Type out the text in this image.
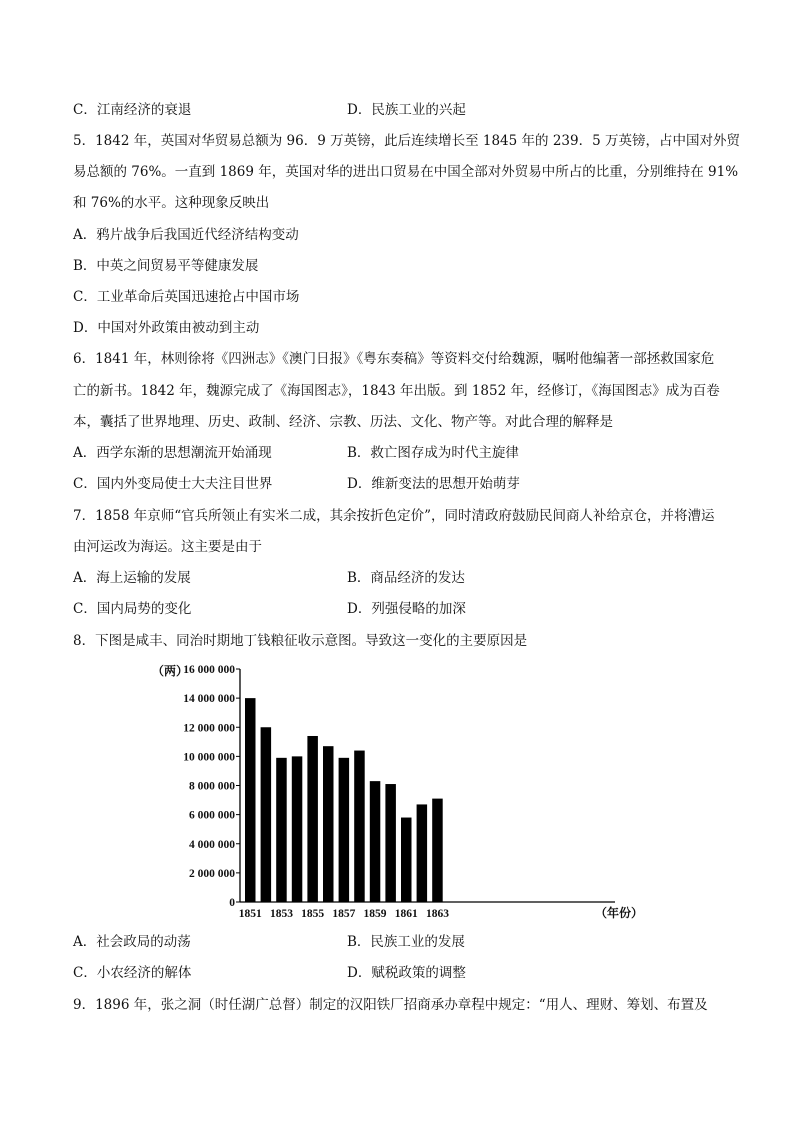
C．江南经济的衰退	D．民族工业的兴起
5．1842 年，英国对华贸易总额为 96．9 万英镑，此后连续增长至 1845 年的 239．5 万英镑，占中国对外贸
易总额的 76%。一直到 1869 年，英国对华的进出口贸易在中国全部对外贸易中所占的比重，分别维持在 91%
和 76%的水平。这种现象反映出
A．鸦片战争后我国近代经济结构变动
B．中英之间贸易平等健康发展
C．工业革命后英国迅速抢占中国市场
D．中国对外政策由被动到主动
6．1841 年，林则徐将《四洲志》《澳门日报》《粤东奏稿》等资料交付给魏源，嘱咐他编著一部拯救国家危
亡的新书。1842 年，魏源完成了《海国图志》，1843 年出版。到 1852 年，经修订，《海国图志》成为百卷
本，囊括了世界地理、历史、政制、经济、宗教、历法、文化、物产等。对此合理的解释是
A．西学东渐的思想潮流开始涌现	B．救亡图存成为时代主旋律
C．国内外变局使士大夫注目世界	D．维新变法的思想开始萌芽
7．1858 年京师“官兵所领止有实米二成，其余按折色定价”，同时清政府鼓励民间商人补给京仓，并将漕运
由河运改为海运。这主要是由于
A．海上运输的发展	B．商品经济的发达
C．国内局势的变化	D．列强侵略的加深
8．下图是咸丰、同治时期地丁钱粮征收示意图。导致这一变化的主要原因是
0
2 000 000
4 000 000
6 000 000
8 000 000
10 000 000
12 000 000
14 000 000
16 000 000
1851 1853 1855 1857 1859 1861 1863
（两）
（年份）
A．社会政局的动荡	B．民族工业的发展
C．小农经济的解体	D．赋税政策的调整
9．1896 年，张之洞（时任湖广总督）制定的汉阳铁厂招商承办章程中规定：“用人、理财、筹划、布置及
